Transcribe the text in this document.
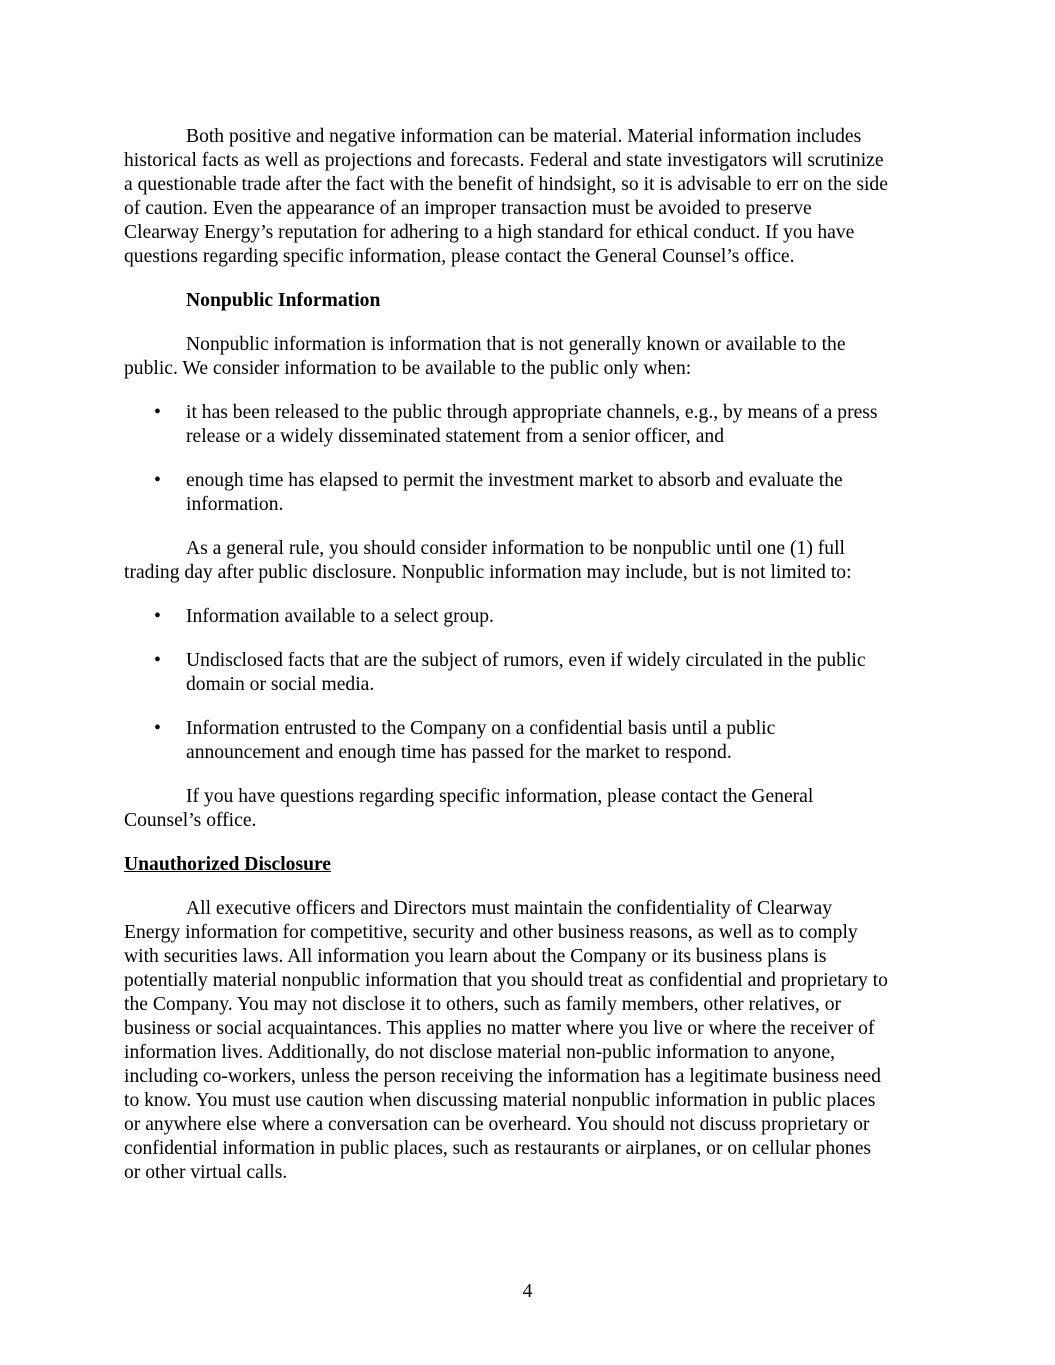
Both positive and negative information can be material. Material information includes
historical facts as well as projections and forecasts. Federal and state investigators will scrutinize
a questionable trade after the fact with the benefit of hindsight, so it is advisable to err on the side
of caution. Even the appearance of an improper transaction must be avoided to preserve
Clearway Energy’s reputation for adhering to a high standard for ethical conduct. If you have
questions regarding specific information, please contact the General Counsel’s office.

Nonpublic Information

Nonpublic information is information that is not generally known or available to the
public. We consider information to be available to the public only when:

• it has been released to the public through appropriate channels, e.g., by means of a press
release or a widely disseminated statement from a senior officer, and
• enough time has elapsed to permit the investment market to absorb and evaluate the
information.

As a general rule, you should consider information to be nonpublic until one (1) full
trading day after public disclosure. Nonpublic information may include, but is not limited to:

• Information available to a select group.
• Undisclosed facts that are the subject of rumors, even if widely circulated in the public
domain or social media.
• Information entrusted to the Company on a confidential basis until a public
announcement and enough time has passed for the market to respond.

If you have questions regarding specific information, please contact the General
Counsel’s office.

Unauthorized Disclosure

All executive officers and Directors must maintain the confidentiality of Clearway
Energy information for competitive, security and other business reasons, as well as to comply
with securities laws. All information you learn about the Company or its business plans is
potentially material nonpublic information that you should treat as confidential and proprietary to
the Company. You may not disclose it to others, such as family members, other relatives, or
business or social acquaintances. This applies no matter where you live or where the receiver of
information lives. Additionally, do not disclose material non-public information to anyone,
including co-workers, unless the person receiving the information has a legitimate business need
to know. You must use caution when discussing material nonpublic information in public places
or anywhere else where a conversation can be overheard. You should not discuss proprietary or
confidential information in public places, such as restaurants or airplanes, or on cellular phones
or other virtual calls.

4
